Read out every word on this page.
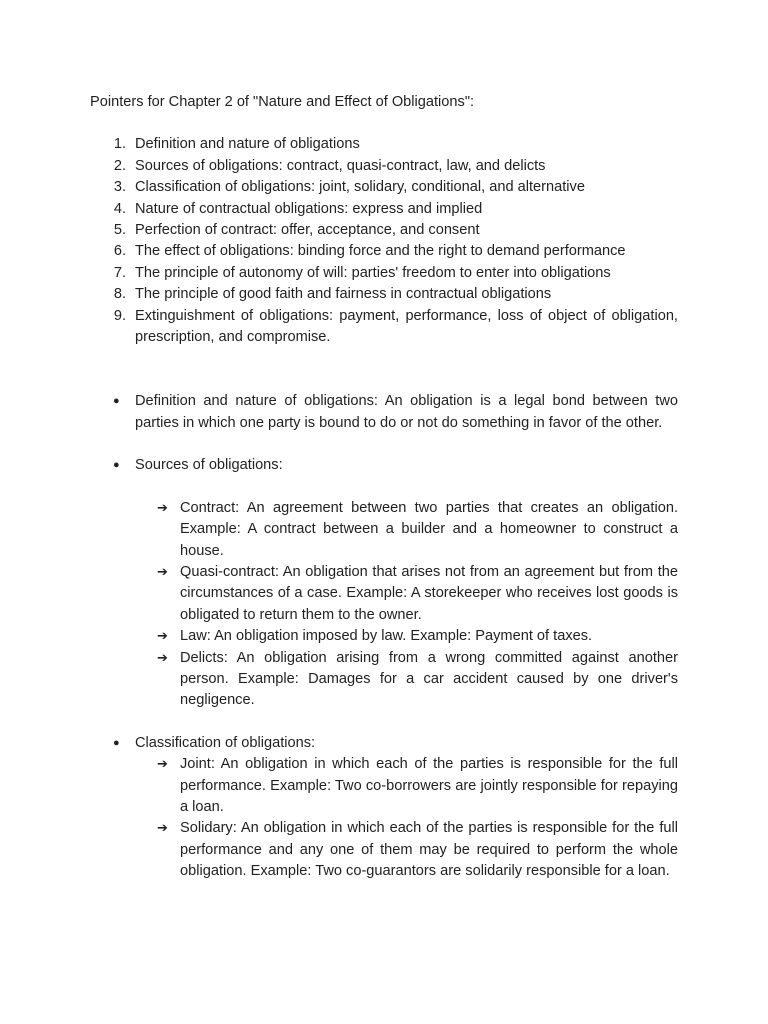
Pointers for Chapter 2 of "Nature and Effect of Obligations":

1. Definition and nature of obligations
2. Sources of obligations: contract, quasi-contract, law, and delicts
3. Classification of obligations: joint, solidary, conditional, and alternative
4. Nature of contractual obligations: express and implied
5. Perfection of contract: offer, acceptance, and consent
6. The effect of obligations: binding force and the right to demand performance
7. The principle of autonomy of will: parties' freedom to enter into obligations
8. The principle of good faith and fairness in contractual obligations
9. Extinguishment of obligations: payment, performance, loss of object of obligation, prescription, and compromise.
● Definition and nature of obligations: An obligation is a legal bond between two parties in which one party is bound to do or not do something in favor of the other.
● Sources of obligations:
➔ Contract: An agreement between two parties that creates an obligation. Example: A contract between a builder and a homeowner to construct a house.
➔ Quasi-contract: An obligation that arises not from an agreement but from the circumstances of a case. Example: A storekeeper who receives lost goods is obligated to return them to the owner.
➔ Law: An obligation imposed by law. Example: Payment of taxes.
➔ Delicts: An obligation arising from a wrong committed against another person. Example: Damages for a car accident caused by one driver's negligence.
● Classification of obligations:
➔ Joint: An obligation in which each of the parties is responsible for the full performance. Example: Two co-borrowers are jointly responsible for repaying a loan.
➔ Solidary: An obligation in which each of the parties is responsible for the full performance and any one of them may be required to perform the whole obligation. Example: Two co-guarantors are solidarily responsible for a loan.
